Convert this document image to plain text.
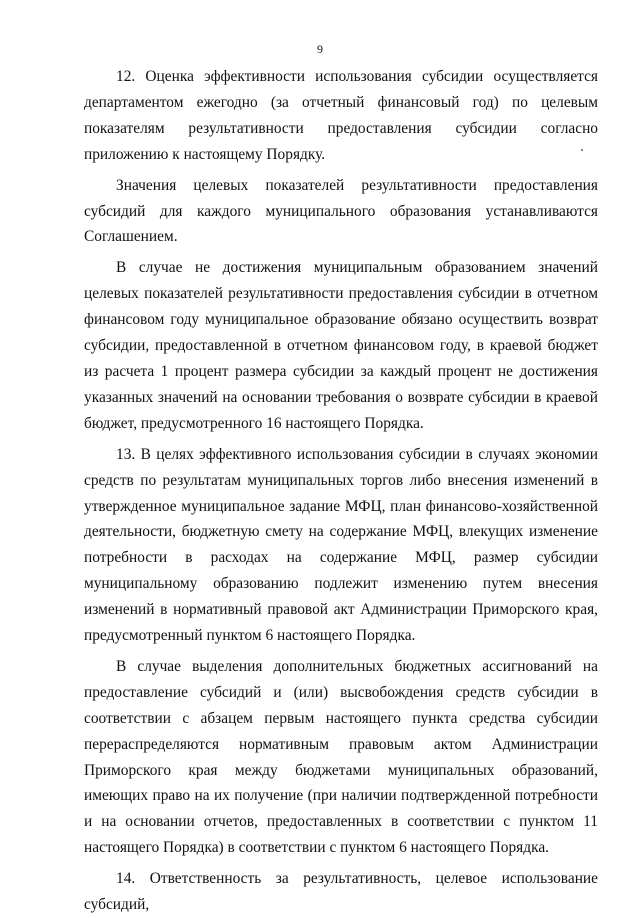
9

12. Оценка эффективности использования субсидии осуществляется департаментом ежегодно (за отчетный финансовый год) по целевым показателям результативности предоставления субсидии согласно приложению к настоящему Порядку.

Значения целевых показателей результативности предоставления субсидий для каждого муниципального образования устанавливаются Соглашением.

В случае не достижения муниципальным образованием значений целевых показателей результативности предоставления субсидии в отчетном финансовом году муниципальное образование обязано осуществить возврат субсидии, предоставленной в отчетном финансовом году, в краевой бюджет из расчета 1 процент размера субсидии за каждый процент не достижения указанных значений на основании требования о возврате субсидии в краевой бюджет, предусмотренного 16 настоящего Порядка.

13. В целях эффективного использования субсидии в случаях экономии средств по результатам муниципальных торгов либо внесения изменений в утвержденное муниципальное задание МФЦ, план финансово-хозяйственной деятельности, бюджетную смету на содержание МФЦ, влекущих изменение потребности в расходах на содержание МФЦ, размер субсидии муниципальному образованию подлежит изменению путем внесения изменений в нормативный правовой акт Администрации Приморского края, предусмотренный пунктом 6 настоящего Порядка.

В случае выделения дополнительных бюджетных ассигнований на предоставление субсидий и (или) высвобождения средств субсидии в соответствии с абзацем первым настоящего пункта средства субсидии перераспределяются нормативным правовым актом Администрации Приморского края между бюджетами муниципальных образований, имеющих право на их получение (при наличии подтвержденной потребности и на основании отчетов, предоставленных в соответствии с пунктом 11 настоящего Порядка) в соответствии с пунктом 6 настоящего Порядка.

14. Ответственность за результативность, целевое использование субсидий,
